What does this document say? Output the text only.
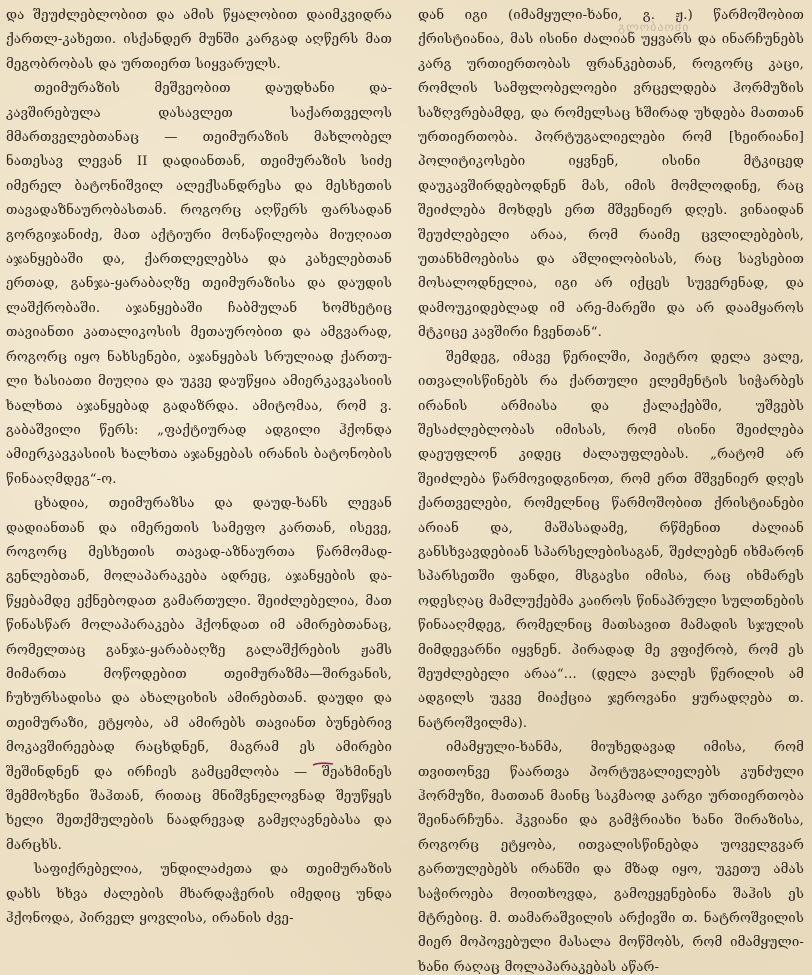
და შეუძლებლობით და ამის წყალობით დაიმკვიდრა ქართლ-კახეთი. ისქანდერ მუნში კარგად აღწერს მათ მეგობრობას და ურთიერთ სიყვარულს.

თეიმურაზის მეშვეობით დაუდხანი დაკავშირებულა დასავლეთ საქართველოს მმართველებთანაც — თეიმურაზის მახლობელ ნათესავ ლევან II დადიანთან, თეიმურაზის სიძე იმერელ ბატონიშვილ ალექსანდრესა და მესხეთის თავადაზნაურობასთან. როგორც აღწერს ფარსადან გორგიჯანიძე, მათ აქტიური მონაწილეობა მიუღიათ აჯანყებაში და, ქართლელებსა და კახელებთან ერთად, განჯა-ყარაბაღზე თეიმურაზისა და დაუდის ლაშქრობაში. აჯანყებაში ჩაბმულან ხომხეტიც თავიანთი კათალიკოსის მეთაურობით და ამგვარად, როგორც იყო ნახსენები, აჯანყებას სრულიად ქართული ხასიათი მიუღია და უკვე დაუწყია ამიერკავკასიის ხალხთა აჯანყებად გადაზრდა. ამიტომაა, რომ ვ. გაბაშვილი წერს: „ფაქტიურად ადგილი ჰქონდა ამიერკავკასიის ხალხთა აჯანყებას ირანის ბატონობის წინააღმდეგ“-ო.

ცხადია, თეიმურაზსა და დაუდ-ხანს ლევან დადიანთან და იმერეთის სამეფო კართან, ისევე, როგორც მესხეთის თავად-აზნაურთა წარმომადგენლებთან, მოლაპარაკება ადრეც, აჯანყების დაწყებამდე ექნებოდათ გამართული. შეიძლებელია, მათ წინასწარ მოლაპარაკება ჰქონდათ იმ ამირებთანაც, რომელთაც განჯა-ყარაბაღზე გალაშქრების ჟამს მიმართა მოწოდებით თეიმურაზმა—შირვანის, ჩუხურსადისა და ახალციხის ამირებთან. დაუდი და თეიმურაზი, ეტყობა, ამ ამირებს თავიანთ ბუნებრივ მოკავშირეებად რაცხდნენ, მაგრამ ეს ამირები შეშინდნენ და ირჩიეს გამცემლობა — შეახმინეს შემმოხვნი შაჰთან, რითაც მნიშვნელოვნად შეუწყეს ხელი შეთქმულების ნაადრევად გამჟღავნებასა და მარცხს.

საფიქრებელია, უნდილაძეთა და თეიმურაზის დახს ხხვა ძალების მხარდაჭერის იმედიც უნდა ჰქონოდა, პირველ ყოვლისა, ირანის ძვე-

დან იგი (იმამყული-ხანი, გ. ჟ.) წარმოშობით ქრისტიანია, მას ისინი ძალიან უყვარს და ინარჩუნებს კარგ ურთიერთობას ფრანკებთან, როგორც კაცი, რომლის სამფლობელოები ვრცელდება ჰორმუზის საზღვრებამდე, და რომელსაც ხშირად უხდება მათთან ურთიერთობა. პორტუგალიელები რომ [ხეირიანი] პოლიტიკოსები იყვნენ, ისინი მტკიცედ დაუკავშირდებოდნენ მას, იმის მომლოდინე, რაც შეიძლება მოხდეს ერთ მშვენიერ დღეს. ვინაიდან შეუძლებელი არაა, რომ რაიმე ცვლილებების, უთანხმოებისა და აშლილობისას, რაც სავსებით მოსალოდნელია, იგი არ იქცეს სუვერენად, და დამოუკიდებლად იმ არე-მარეში და არ დაამყაროს მტკიცე კავშირი ჩვენთან“.

შემდეგ, იმავე წერილში, პიეტრო დელა ვალე, ითვალისწინებს რა ქართული ელემენტის სიჭარბეს ირანის არმიასა და ქალაქებში, უშვებს შესაძლებლობას იმისას, რომ ისინი შეიძლება დაეუფლონ კიდეც ძალაუფლებას. „რატომ არ შეიძლება წარმოვიდგინოთ, რომ ერთ მშვენიერ დღეს ქართველები, რომელნიც წარმოშობით ქრისტიანები არიან და, მაშასადამე, რწმენით ძალიან განსხვავდებიან სპარსელებისაგან, შეძლებენ იხმარონ სპარსეთში ფანდი, მსგავსი იმისა, რაც იხმარეს ოდესღაც მამლუქებმა კაიროს წინაპრული სულთნების წინააღმდეგ, რომელნიც მათსავით მამადის სჯულის მიმდევარნი იყვნენ. პირადად მე ვფიქრობ, რომ ეს შეუძლებელი არაა“... (დელა ვალეს წერილის ამ ადგილს უკვე მიაქცია ჯეროვანი ყურადღება თ. ნატროშვილმა).

იმამყული-ხანმა, მიუხედავად იმისა, რომ თვითონვე წაართვა პორტუგალიელებს კუნძული ჰორმუზი, მათთან მაინც საკმაოდ კარგი ურთიერთობა შეინარჩუნა. ჰკვიანი და გამჭრიახი ხანი შირაზისა, როგორც ეტყობა, ითვალისწინებდა უოველგვარ გართულებებს ირანში და მზად იყო, უკეთუ ამას საჭიროება მოითხოვდა, გამოეყენებინა შაჰის ეს მტრებიც. მ. თამარაშვილის არქივში თ. ნატროშვილის მიერ მოპოვებული მასალა მოწმობს, რომ იმამყული-ხანი რაღაც მოლაპარაკებას აწარ-

გლობაომი
